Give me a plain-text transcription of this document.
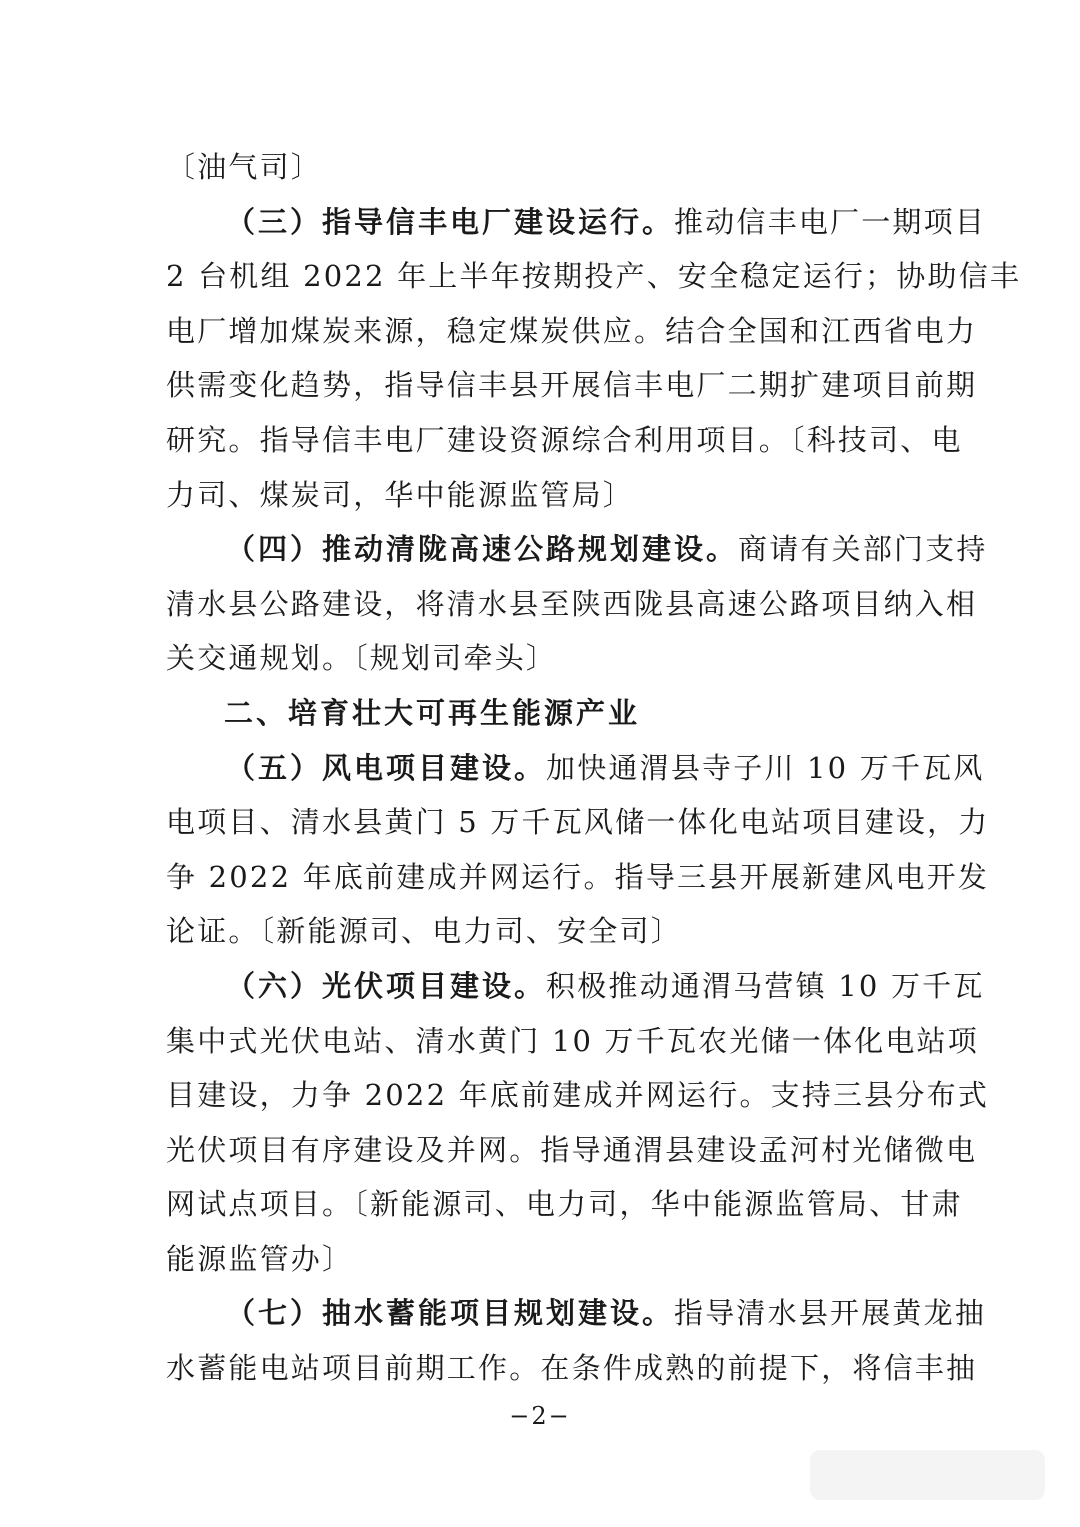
〔油气司〕
（三）指导信丰电厂建设运行。推动信丰电厂一期项目
2 台机组 2022 年上半年按期投产、安全稳定运行；协助信丰
电厂增加煤炭来源，稳定煤炭供应。结合全国和江西省电力
供需变化趋势，指导信丰县开展信丰电厂二期扩建项目前期
研究。指导信丰电厂建设资源综合利用项目。〔科技司、电
力司、煤炭司，华中能源监管局〕
（四）推动清陇高速公路规划建设。商请有关部门支持
清水县公路建设，将清水县至陕西陇县高速公路项目纳入相
关交通规划。〔规划司牵头〕
二、培育壮大可再生能源产业
（五）风电项目建设。加快通渭县寺子川 10 万千瓦风
电项目、清水县黄门 5 万千瓦风储一体化电站项目建设，力
争 2022 年底前建成并网运行。指导三县开展新建风电开发
论证。〔新能源司、电力司、安全司〕
（六）光伏项目建设。积极推动通渭马营镇 10 万千瓦
集中式光伏电站、清水黄门 10 万千瓦农光储一体化电站项
目建设，力争 2022 年底前建成并网运行。支持三县分布式
光伏项目有序建设及并网。指导通渭县建设孟河村光储微电
网试点项目。〔新能源司、电力司，华中能源监管局、甘肃
能源监管办〕
（七）抽水蓄能项目规划建设。指导清水县开展黄龙抽
水蓄能电站项目前期工作。在条件成熟的前提下，将信丰抽
−2−
